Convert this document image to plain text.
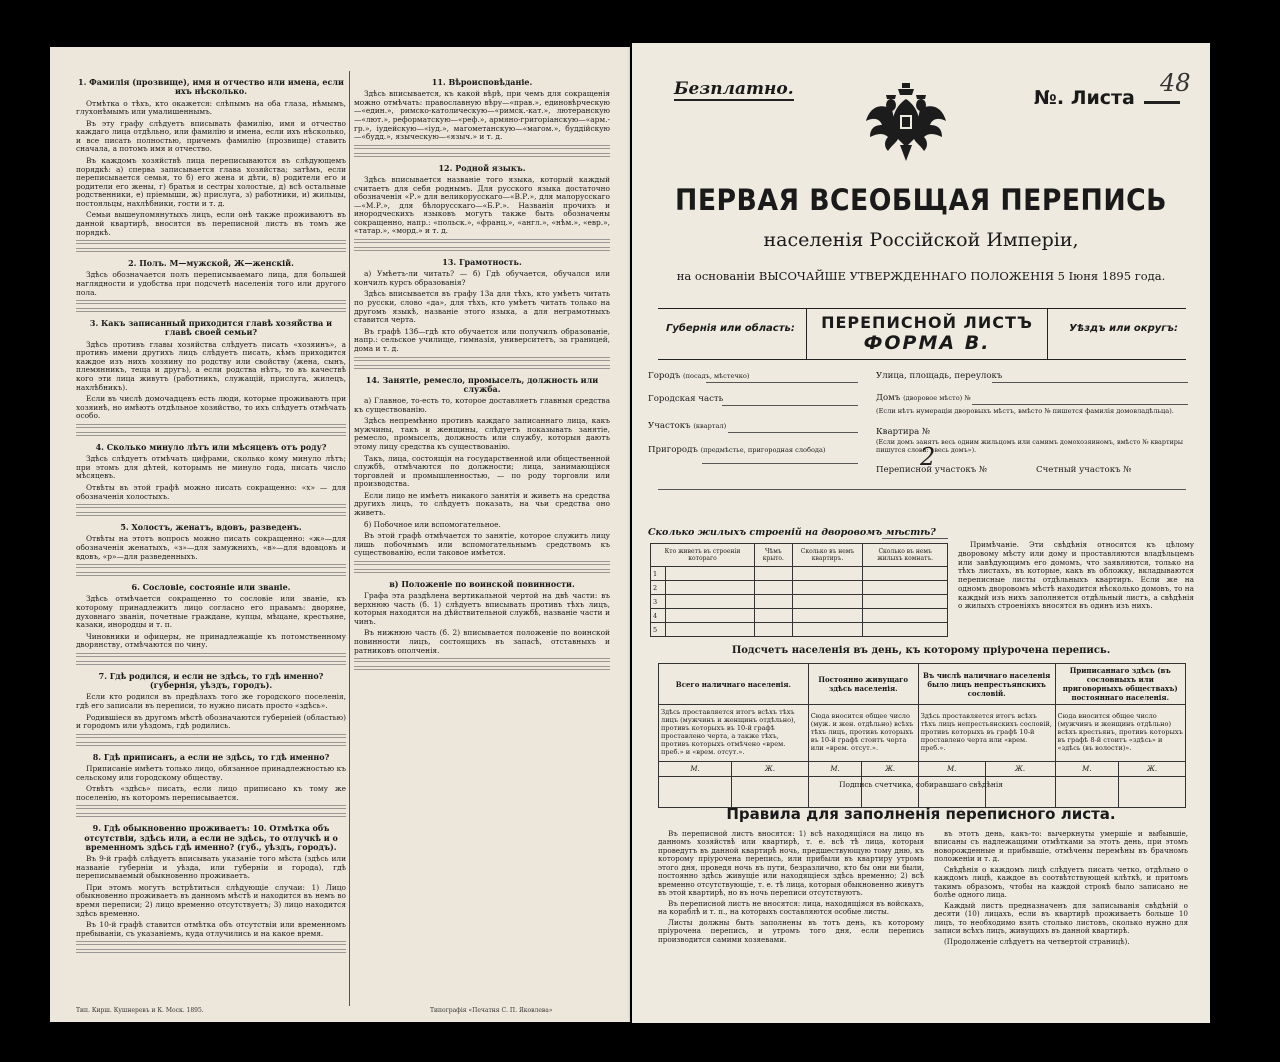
1. Фамилія (прозвище), имя и отчество или имена, если ихъ нѣсколько.

Отмѣтка о тѣхъ, кто окажется: слѣпымъ на оба глаза, нѣмымъ, глухонѣмымъ или умалишеннымъ.

Въ эту графу слѣдуетъ вписывать фамилію, имя и отчество каждаго лица отдѣльно, или фамилію и имена, если ихъ нѣсколько, и все писать полностью, причемъ фамилію (прозвище) ставить сначала, а потомъ имя и отчество.

Въ каждомъ хозяйствѣ лица переписываются въ слѣдующемъ порядкѣ: а) сперва записывается глава хозяйства; затѣмъ, если переписывается семья, то б) его жена и дѣти, в) родители его и родители его жены, г) братья и сестры холостые, д) всѣ остальные родственники, е) пріемыши, ж) прислуга, з) работники, и) жильцы, постояльцы, нахлѣбники, гости и т. д.

Семьи вышеупомянутыхъ лицъ, если онѣ также проживаютъ въ данной квартирѣ, вносятся въ переписной листъ въ томъ же порядкѣ.

2. Полъ. М—мужской, Ж—женскій.

Здѣсь обозначается полъ переписываемаго лица, для большей наглядности и удобства при подсчетѣ населенія того или другого пола.

3. Какъ записанный приходится главѣ хозяйства и главѣ своей семьи?

Здѣсь противъ главы хозяйства слѣдуетъ писать «хозяинъ», а противъ имени другихъ лицъ слѣдуетъ писать, кѣмъ приходится каждое изъ нихъ хозяину по родству или свойству (жена, сынъ, племянникъ, теща и другъ), а если родства нѣтъ, то въ качествѣ кого эти лица живутъ (работникъ, служащій, прислуга, жилецъ, нахлѣбникъ).

Если въ числѣ домочадцевъ есть люди, которые проживаютъ при хозяинѣ, но имѣютъ отдѣльное хозяйство, то ихъ слѣдуетъ отмѣчать особо.

4. Сколько минуло лѣтъ или мѣсяцевъ отъ роду?

Здѣсь слѣдуетъ отмѣчать цифрами, сколько кому минуло лѣтъ; при этомъ для дѣтей, которымъ не минуло года, писать число мѣсяцевъ.

Отвѣты въ этой графѣ можно писать сокращенно: «х» — для обозначенія холостыхъ.

5. Холостъ, женатъ, вдовъ, разведенъ.

Отвѣты на этотъ вопросъ можно писать сокращенно: «ж»—для обозначенія женатыхъ, «з»—для замужнихъ, «в»—для вдовцовъ и вдовъ, «р»—для разведенныхъ.

6. Сословіе, состояніе или званіе.

Здѣсь отмѣчается сокращенно то сословіе или званіе, къ которому принадлежитъ лицо согласно его правамъ: дворяне, духовнаго званія, почетные граждане, купцы, мѣщане, крестьяне, казаки, инородцы и т. п.

Чиновники и офицеры, не принадлежащіе къ потомственному дворянству, отмѣчаются по чину.

7. Гдѣ родился, и если не здѣсь, то гдѣ именно? (губернія, уѣздъ, городъ).

Если кто родился въ предѣлахъ того же городского поселенія, гдѣ его записали въ переписи, то нужно писать просто «здѣсь».

Родившіеся въ другомъ мѣстѣ обозначаются губерніей (областью) и городомъ или уѣздомъ, гдѣ родились.

8. Гдѣ приписанъ, а если не здѣсь, то гдѣ именно?

Приписаніе имѣетъ только лицо, обязанное принадлежностью къ сельскому или городскому обществу.

Отвѣтъ «здѣсь» писать, если лицо приписано къ тому же поселенію, въ которомъ переписывается.

9. Гдѣ обыкновенно проживаетъ: 10. Отмѣтка объ отсутствіи, здѣсь или, а если не здѣсь, то отлучкѣ и о временномъ здѣсь гдѣ именно? (губ., уѣздъ, городъ).

Въ 9-й графѣ слѣдуетъ вписывать указаніе того мѣста (здѣсь или названіе губерніи и уѣзда, или губерніи и города), гдѣ переписываемый обыкновенно проживаетъ.

При этомъ могутъ встрѣтиться слѣдующіе случаи: 1) Лицо обыкновенно проживаетъ въ данномъ мѣстѣ и находится въ немъ во время переписи; 2) лицо временно отсутствуетъ; 3) лицо находится здѣсь временно.

Въ 10-й графѣ ставится отмѣтка объ отсутствіи или временномъ пребываніи, съ указаніемъ, куда отлучились и на какое время.

11. Вѣроисповѣданіе.

Здѣсь вписывается, къ какой вѣрѣ, при чемъ для сокращенія можно отмѣчать: православную вѣру—«прав.», единовѣрческую—«един.», римско-католическую—«римск.-кат.», лютеранскую—«лют.», реформатскую—«реф.», армяно-григоріанскую—«арм.-гр.», іудейскую—«іуд.», магометанскую—«магом.», буддійскую—«будд.», языческую—«языч.» и т. д.

12. Родной языкъ.

Здѣсь вписывается названіе того языка, который каждый считаетъ для себя роднымъ. Для русского языка достаточно обозначенія «Р.» для великорусскаго—«В.Р.», для малорусскаго—«М.Р.», для бѣлорусскаго—«Б.Р.». Названія прочихъ и инородческихъ языковъ могутъ также быть обозначены сокращенно, напр.: «польск.», «франц.», «англ.», «нѣм.», «евр.», «татар.», «морд.» и т. д.

13. Грамотность.

а) Умѣетъ-ли читать? — б) Гдѣ обучается, обучался или кончилъ курсъ образованія?

Здѣсь вписывается въ графу 13а для тѣхъ, кто умѣетъ читать по русски, слово «да», для тѣхъ, кто умѣетъ читать только на другомъ языкѣ, названіе этого языка, а для неграмотныхъ ставится черта.

Въ графѣ 13б—гдѣ кто обучается или получилъ образованіе, напр.: сельское училище, гимназія, университетъ, за границей, дома и т. д.

14. Занятіе, ремесло, промыселъ, должность или служба.

а) Главное, то-есть то, которое доставляетъ главныя средства къ существованію.

Здѣсь непремѣнно противъ каждаго записаннаго лица, какъ мужчины, такъ и женщины, слѣдуетъ показывать занятіе, ремесло, промыселъ, должность или службу, которыя даютъ этому лицу средства къ существованію.

Такъ, лица, состоящія на государственной или общественной службѣ, отмѣчаются по должности; лица, занимающіяся торговлей и промышленностью, — по роду торговли или производства.

Если лицо не имѣетъ никакого занятія и живетъ на средства другихъ лицъ, то слѣдуетъ показать, на чьи средства оно живетъ.

б) Побочное или вспомогательное.

Въ этой графѣ отмѣчается то занятіе, которое служитъ лицу лишь побочнымъ или вспомогательнымъ средствомъ къ существованію, если таковое имѣется.

в) Положеніе по воинской повинности.

Графа эта раздѣлена вертикальной чертой на двѣ части: въ верхнюю часть (б. 1) слѣдуетъ вписывать противъ тѣхъ лицъ, которыя находятся на дѣйствительной службѣ, названіе части и чинъ.

Въ нижнюю часть (б. 2) вписывается положеніе по воинской повинности лицъ, состоящихъ въ запасѣ, отставныхъ и ратниковъ ополченія.

Тип. Кирш. Кушнеревъ и К. Моск. 1895.	Типографія «Печатня С. П. Яковлева»
Безплатно.	№. Листа
48
ПЕРВАЯ ВСЕОБЩАЯ ПЕРЕПИСЬ
населенія Россійской Имперіи,
на основаніи ВЫСОЧАЙШЕ УТВЕРЖДЕННАГО ПОЛОЖЕНІЯ 5 Іюня 1895 года.
Губернія или область:	ПЕРЕПИСНОЙ ЛИСТЪ
ФОРМА В.
Уѣздъ или округъ:
Городъ (посадъ, мѣстечко)
Городская часть
Участокъ (квартал)
Пригородъ (предмѣстье, пригородная слобода)
Улица, площадь, переулокъ
Домъ (дворовое мѣсто) №
(Если нѣтъ нумераціи дворовыхъ мѣстъ, вмѣсто № пишется фамилія домовладѣльца).
Квартира №
2
(Если домъ занятъ весь одним жильцомъ или самимъ домохозяиномъ, вмѣсто № квартиры пишутся слова: «весь домъ»).
Переписной участокъ №	Счетный участокъ №
Сколько жилыхъ строеній на дворовомъ мѣстѣ?
Кто живетъ въ строеніи котораго		Чѣмъ крыто.	Сколько въ немъ квартиръ.	Сколько въ немъ жилыхъ комнатъ.
1				
2				
3				
4				
5				
Примѣчаніе. Эти свѣдѣнія относятся къ цѣлому дворовому мѣсту или дому и проставляются владѣльцемъ или завѣдующимъ его домомъ, что заявляются, только на тѣхъ листахъ, въ которые, какъ въ обложку, вкладываются переписные листы отдѣльныхъ квартиръ. Если же на одномъ дворовомъ мѣстѣ находится нѣсколько домовъ, то на каждый изъ нихъ заполняется отдѣльный листъ, а свѣдѣнія о жилыхъ строеніяхъ вносятся въ одинъ изъ нихъ.
Подсчетъ населенія въ день, къ которому пріурочена перепись.
Всего наличнаго населенія.		Постоянно живущаго здѣсь населенія.		Въ числѣ наличнаго населенія было лицъ непрестьянскихъ сословій.		Приписаннаго здѣсь (въ сословныхъ или приговорныхъ обществахъ) постояннаго населенія.	
Здѣсь проставляется итогъ всѣхъ тѣхъ лицъ (мужчинъ и женщинъ отдѣльно), противъ которыхъ въ 10-й графѣ проставлено черта, а также тѣхъ, противъ которыхъ отмѣчено «врем. преб.» и «врем. отсут.».		Сюда вносится общее число (муж. и жен. отдѣльно) всѣхъ тѣхъ лицъ, противъ которыхъ въ 10-й графѣ стоитъ черта или «врем. отсут.».		Здѣсь проставляется итогъ всѣхъ тѣхъ лицъ непрестьянскихъ сословій, противъ которыхъ въ графѣ 10-й проставлено черта или «врем. преб.».		Сюда вносится общее число (мужчинъ и женщинъ отдѣльно) всѣхъ крестьянъ, противъ которыхъ въ графѣ 8-й стоитъ «здѣсь» и «здѣсь (въ волости)».	
М.	Ж.	М.	Ж.	М.	Ж.	М.	Ж.

Подпись счетчика, собиравшаго свѣдѣнія
Правила для заполненія переписного листа.

Въ переписной листъ вносятся: 1) всѣ находящіяся на лицо въ данномъ хозяйствѣ или квартирѣ, т. е. всѣ тѣ лица, которыя проведутъ въ данной квартирѣ ночь, предшествующую тому дню, къ которому пріурочена перепись, или прибыли въ квартиру утромъ этого дня, проведя ночь въ пути, безразлично, кто бы они ни были, постоянно здѣсь живущіе или находящіеся здѣсь временно; 2) всѣ временно отсутствующіе, т. е. тѣ лица, которыя обыкновенно живутъ въ этой квартирѣ, но въ ночь переписи отсутствуютъ.

Въ переписной листъ не вносятся: лица, находящіяся въ войскахъ, на кораблѣ и т. п., на которыхъ составляются особые листы.

Листы должны быть заполнены въ тотъ день, къ которому пріурочена перепись, и утромъ того дня, если перепись производится самими хозяевами.

въ этотъ день, какъ-то: вычеркнуты умершіе и выбывшіе, вписаны съ надлежащими отмѣтками за этотъ день, при этомъ новорожденные и прибывшіе, отмѣчены перемѣны въ брачномъ положеніи и т. д.

Свѣдѣнія о каждомъ лицѣ слѣдуетъ писать четко, отдѣльно о каждомъ лицѣ, каждое въ соотвѣтствующей клѣткѣ, и притомъ такимъ образомъ, чтобы на каждой строкѣ было записано не болѣе одного лица.

Каждый листъ предназначенъ для записыванія свѣдѣній о десяти (10) лицахъ, если въ квартирѣ проживаетъ больше 10 лицъ, то необходимо взять столько листовъ, сколько нужно для записи всѣхъ лицъ, живущихъ въ данной квартирѣ.

(Продолженіе слѣдуетъ на четвертой страницѣ).
